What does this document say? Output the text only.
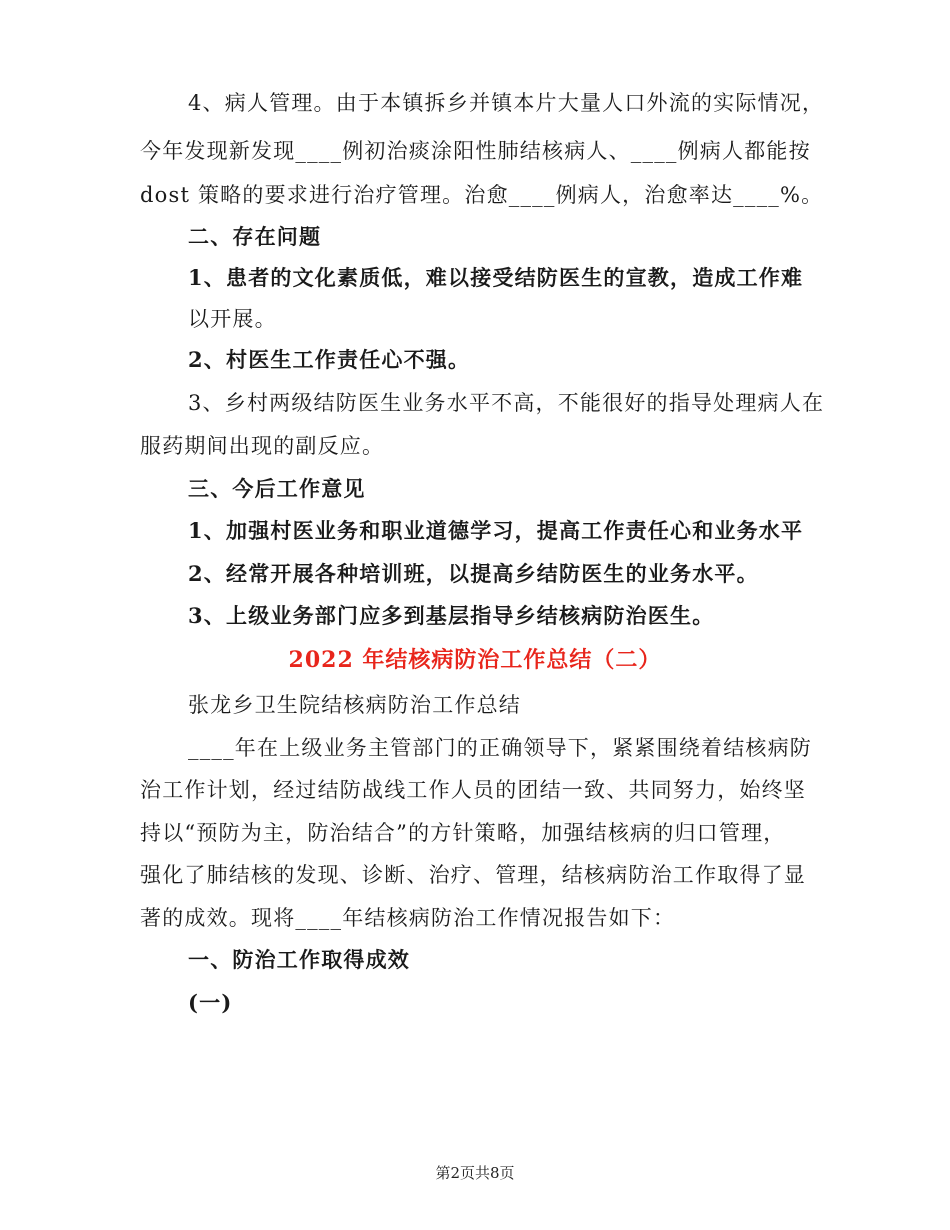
4、病人管理。由于本镇拆乡并镇本片大量人口外流的实际情况，
今年发现新发现____例初治痰涂阳性肺结核病人、____例病人都能按
dost 策略的要求进行治疗管理。治愈____例病人，治愈率达____%。
二、存在问题
1、患者的文化素质低，难以接受结防医生的宣教，造成工作难
以开展。
2、村医生工作责任心不强。
3、乡村两级结防医生业务水平不高，不能很好的指导处理病人在
服药期间出现的副反应。
三、今后工作意见
1、加强村医业务和职业道德学习，提高工作责任心和业务水平
2、经常开展各种培训班，以提高乡结防医生的业务水平。
3、上级业务部门应多到基层指导乡结核病防治医生。
2022 年结核病防治工作总结（二）
张龙乡卫生院结核病防治工作总结
____年在上级业务主管部门的正确领导下，紧紧围绕着结核病防
治工作计划，经过结防战线工作人员的团结一致、共同努力，始终坚
持以“预防为主，防治结合”的方针策略，加强结核病的归口管理，
强化了肺结核的发现、诊断、治疗、管理，结核病防治工作取得了显
著的成效。现将____年结核病防治工作情况报告如下：
一、防治工作取得成效
(一)
第2页共8页
